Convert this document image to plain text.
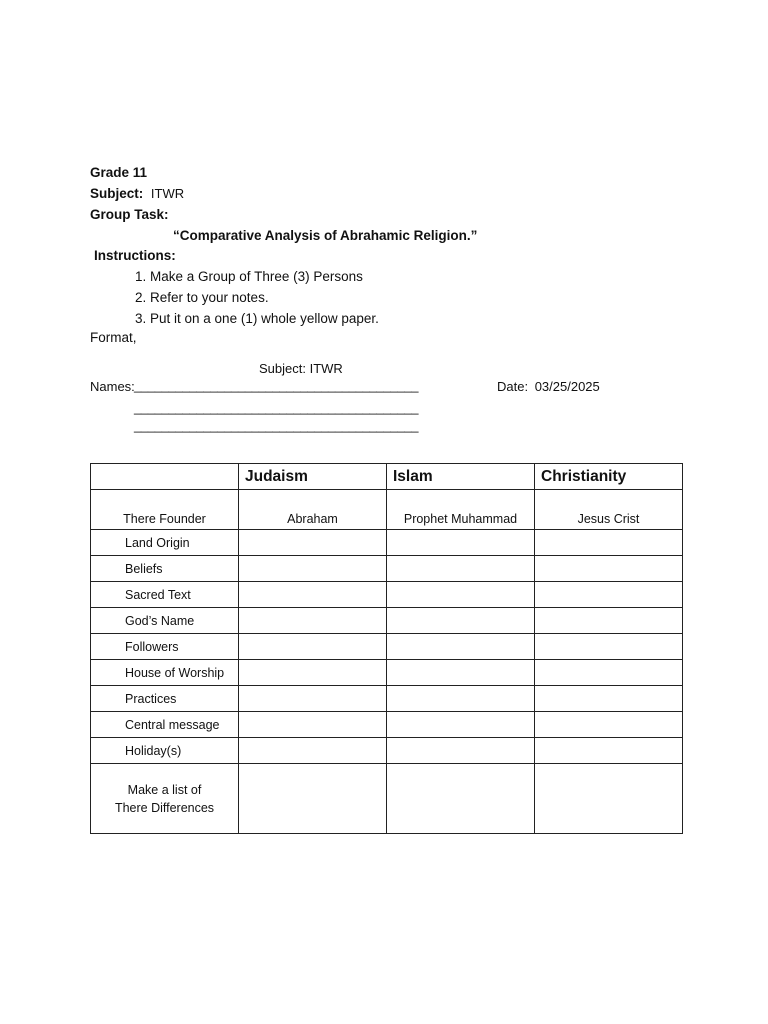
Grade 11
Subject: ITWR
Group Task:
“Comparative Analysis of Abrahamic Religion.”
Instructions:
1. Make a Group of Three (3) Persons
2. Refer to your notes.
3. Put it on a one (1) whole yellow paper.
Format,
Subject: ITWR
Names: _________________________________________
_________________________________________
_________________________________________
Date: 03/25/2025
	Judaism	Islam	Christianity
There Founder	Abraham	Prophet Muhammad	Jesus Crist
Land Origin			
Beliefs			
Sacred Text			
God’s Name			
Followers			
House of Worship			
Practices			
Central message			
Holiday(s)			

Make a list of
There Differences			
